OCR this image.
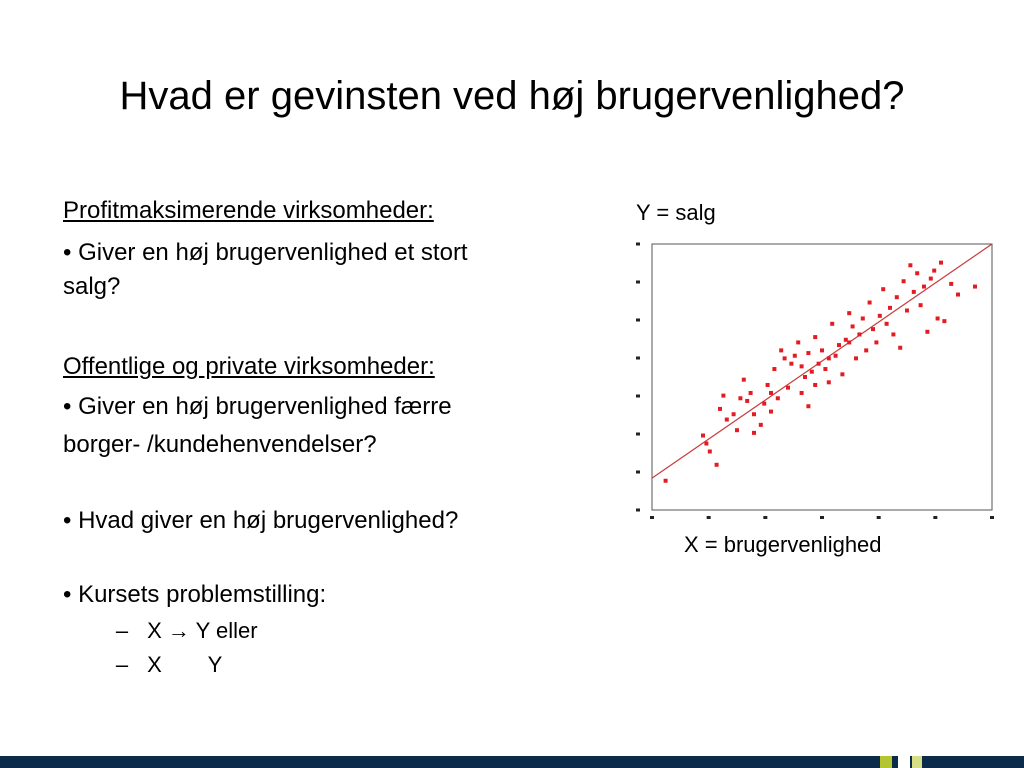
Hvad er gevinsten ved høj brugervenlighed?
Profitmaksimerende virksomheder:
• Giver en høj brugervenlighed et stort
salg?
Offentlige og private virksomheder:
• Giver en høj brugervenlighed færre
borger- /kundehenvendelser?
• Hvad giver en høj brugervenlighed?
• Kursets problemstilling:
– X → Y eller
– X Y
Y = salg
X = brugervenlighed
